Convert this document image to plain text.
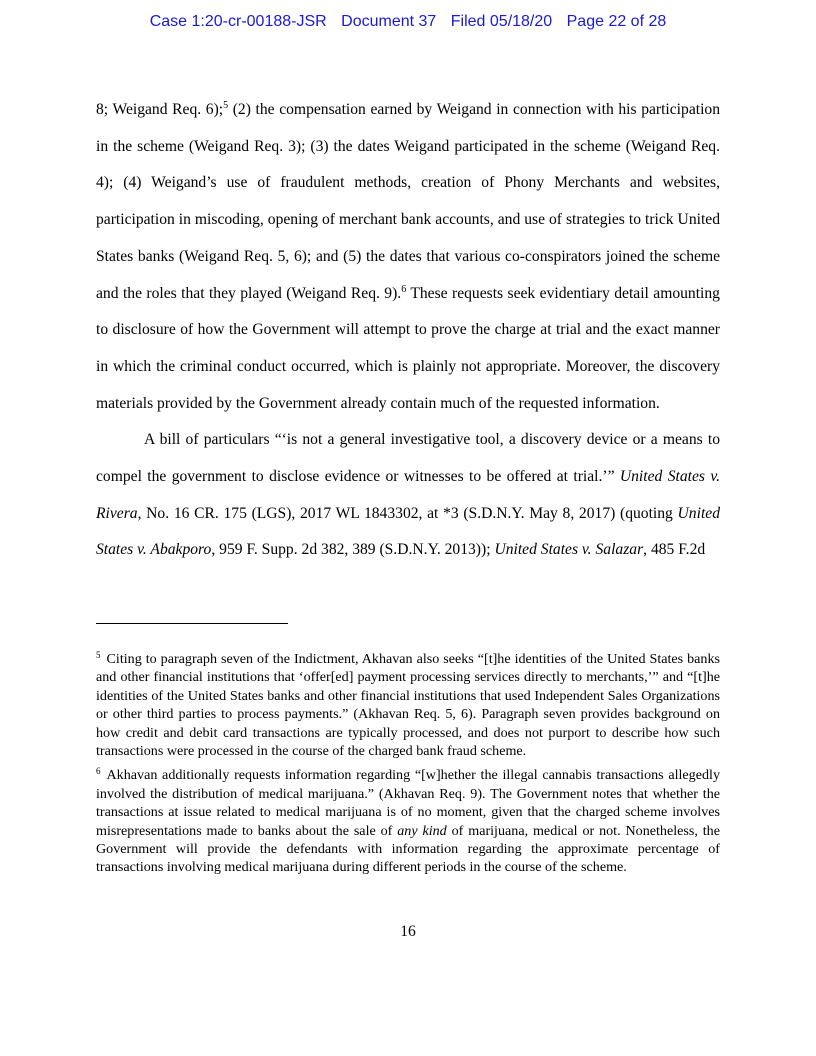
Case 1:20-cr-00188-JSR Document 37 Filed 05/18/20 Page 22 of 28

8; Weigand Req. 6);$^5$ (2) the compensation earned by Weigand in connection with his participation in the scheme (Weigand Req. 3); (3) the dates Weigand participated in the scheme (Weigand Req. 4); (4) Weigand’s use of fraudulent methods, creation of Phony Merchants and websites, participation in miscoding, opening of merchant bank accounts, and use of strategies to trick United States banks (Weigand Req. 5, 6); and (5) the dates that various co-conspirators joined the scheme and the roles that they played (Weigand Req. 9).$^6$ These requests seek evidentiary detail amounting to disclosure of how the Government will attempt to prove the charge at trial and the exact manner in which the criminal conduct occurred, which is plainly not appropriate. Moreover, the discovery materials provided by the Government already contain much of the requested information.

A bill of particulars “‘is not a general investigative tool, a discovery device or a means to compel the government to disclose evidence or witnesses to be offered at trial.’” United States v. Rivera, No. 16 CR. 175 (LGS), 2017 WL 1843302, at *3 (S.D.N.Y. May 8, 2017) (quoting United States v. Abakporo, 959 F. Supp. 2d 382, 389 (S.D.N.Y. 2013)); United States v. Salazar, 485 F.2d

$^5$ Citing to paragraph seven of the Indictment, Akhavan also seeks “[t]he identities of the United States banks and other financial institutions that ‘offer[ed] payment processing services directly to merchants,’” and “[t]he identities of the United States banks and other financial institutions that used Independent Sales Organizations or other third parties to process payments.” (Akhavan Req. 5, 6). Paragraph seven provides background on how credit and debit card transactions are typically processed, and does not purport to describe how such transactions were processed in the course of the charged bank fraud scheme.

$^6$ Akhavan additionally requests information regarding “[w]hether the illegal cannabis transactions allegedly involved the distribution of medical marijuana.” (Akhavan Req. 9). The Government notes that whether the transactions at issue related to medical marijuana is of no moment, given that the charged scheme involves misrepresentations made to banks about the sale of any kind of marijuana, medical or not. Nonetheless, the Government will provide the defendants with information regarding the approximate percentage of transactions involving medical marijuana during different periods in the course of the scheme.

16
